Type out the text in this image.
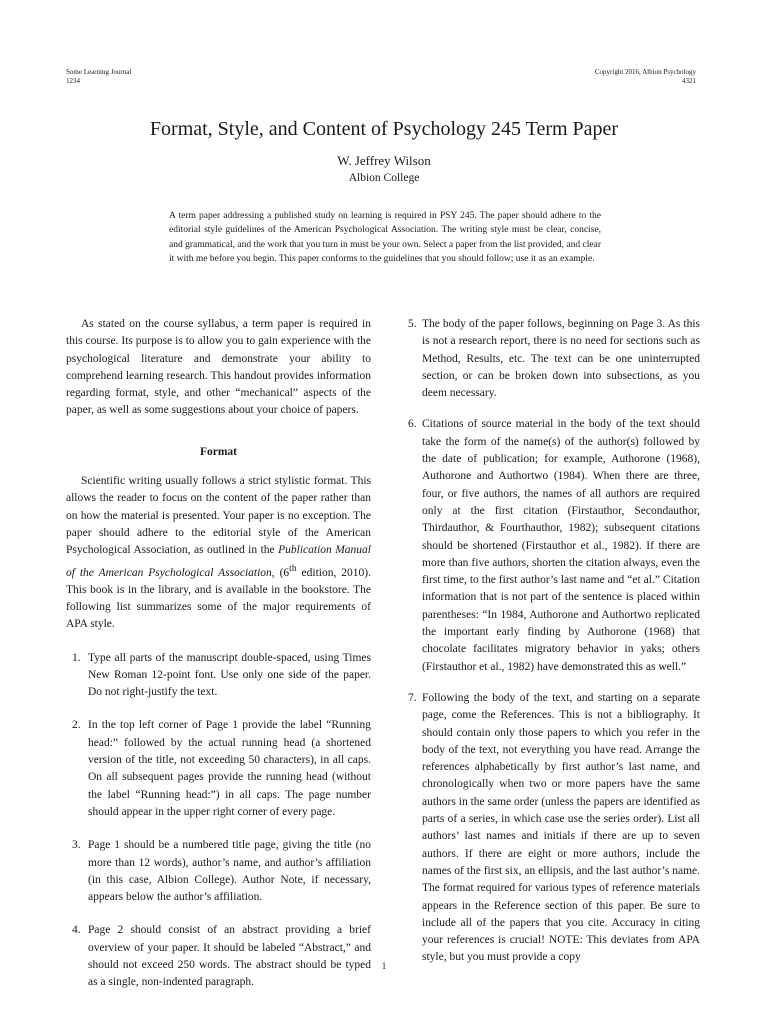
Some Learning Journal
1234
Copyright 2016, Albion Psychology
4321
Format, Style, and Content of Psychology 245 Term Paper
W. Jeffrey Wilson
Albion College
A term paper addressing a published study on learning is required in PSY 245. The paper should adhere to the editorial style guidelines of the American Psychological Association. The writing style must be clear, concise, and grammatical, and the work that you turn in must be your own. Select a paper from the list provided, and clear it with me before you begin. This paper conforms to the guidelines that you should follow; use it as an example.

As stated on the course syllabus, a term paper is required in this course. Its purpose is to allow you to gain experience with the psychological literature and demonstrate your ability to comprehend learning research. This handout provides information regarding format, style, and other “mechanical” aspects of the paper, as well as some suggestions about your choice of papers.

Format

Scientific writing usually follows a strict stylistic format. This allows the reader to focus on the content of the paper rather than on how the material is presented. Your paper is no exception. The paper should adhere to the editorial style of the American Psychological Association, as outlined in the Publication Manual of the American Psychological Association, (6th edition, 2010). This book is in the library, and is available in the bookstore. The following list summarizes some of the major requirements of APA style.

1. Type all parts of the manuscript double-spaced, using Times New Roman 12-point font. Use only one side of the paper. Do not right-justify the text.
2. In the top left corner of Page 1 provide the label “Running head:” followed by the actual running head (a shortened version of the title, not exceeding 50 characters), in all caps. On all subsequent pages provide the running head (without the label “Running head:”) in all caps. The page number should appear in the upper right corner of every page.
3. Page 1 should be a numbered title page, giving the title (no more than 12 words), author’s name, and author’s affiliation (in this case, Albion College). Author Note, if necessary, appears below the author’s affiliation.
4. Page 2 should consist of an abstract providing a brief overview of your paper. It should be labeled “Abstract,” and should not exceed 250 words. The abstract should be typed as a single, non-indented paragraph.
5. The body of the paper follows, beginning on Page 3. As this is not a research report, there is no need for sections such as Method, Results, etc. The text can be one uninterrupted section, or can be broken down into subsections, as you deem necessary.
6. Citations of source material in the body of the text should take the form of the name(s) of the author(s) followed by the date of publication; for example, Authorone (1968), Authorone and Authortwo (1984). When there are three, four, or five authors, the names of all authors are required only at the first citation (Firstauthor, Secondauthor, Thirdauthor, & Fourthauthor, 1982); subsequent citations should be shortened (Firstauthor et al., 1982). If there are more than five authors, shorten the citation always, even the first time, to the first author’s last name and “et al.” Citation information that is not part of the sentence is placed within parentheses: “In 1984, Authorone and Authortwo replicated the important early finding by Authorone (1968) that chocolate facilitates migratory behavior in yaks; others (Firstauthor et al., 1982) have demonstrated this as well.”
7. Following the body of the text, and starting on a separate page, come the References. This is not a bibliography. It should contain only those papers to which you refer in the body of the text, not everything you have read. Arrange the references alphabetically by first author’s last name, and chronologically when two or more papers have the same authors in the same order (unless the papers are identified as parts of a series, in which case use the series order). List all authors’ last names and initials if there are up to seven authors. If there are eight or more authors, include the names of the first six, an ellipsis, and the last author’s name. The format required for various types of reference materials appears in the Reference section of this paper. Be sure to include all of the papers that you cite. Accuracy in citing your references is crucial! NOTE: This deviates from APA style, but you must provide a copy
1
